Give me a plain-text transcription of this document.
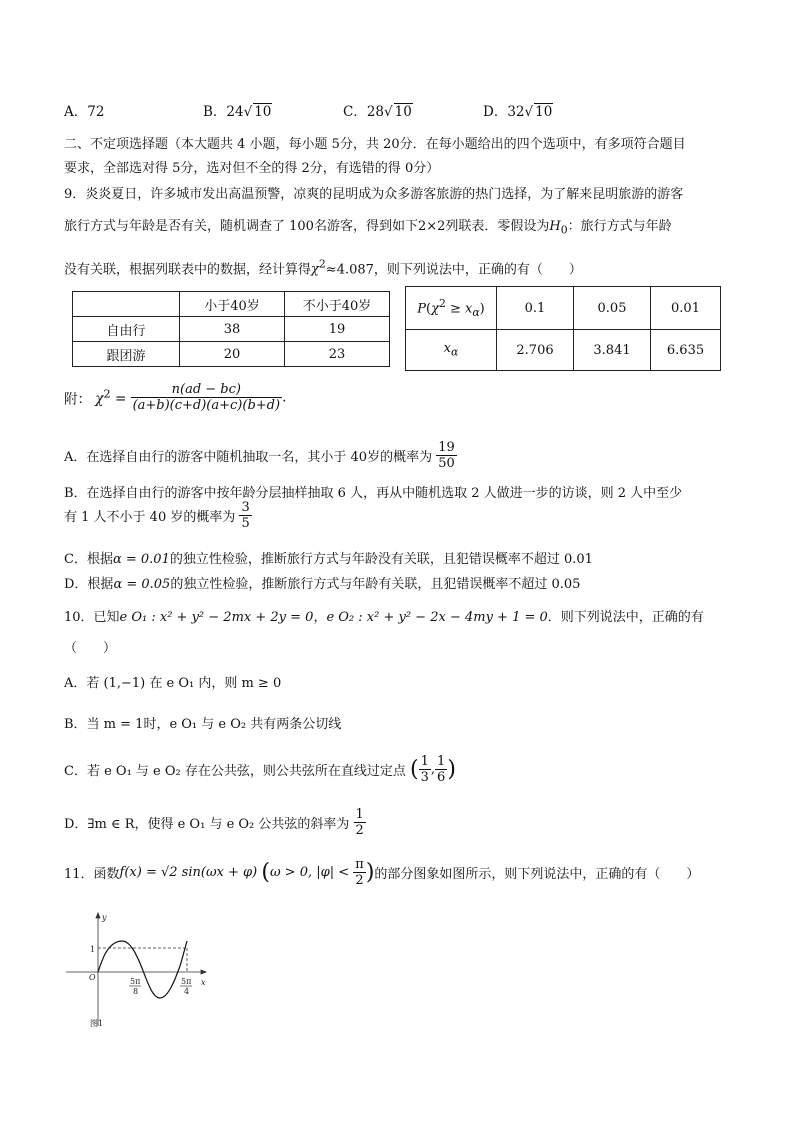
A．72	B．24√ 10	C．28√ 10	D．32√ 10
二、不定项选择题（本大题共 4 小题，每小题 5分，共 20分．在每小题给出的四个选项中，有多项符合题目
要求，全部选对得 5分，选对但不全的得 2分，有选错的得 0分）
9．炎炎夏日，许多城市发出高温预警，凉爽的昆明成为众多游客旅游的热门选择，为了解来昆明旅游的游客
旅行方式与年龄是否有关，随机调查了 100名游客，得到如下2×2列联表．零假设为$H_0$：旅行方式与年龄
没有关联，根据列联表中的数据，经计算得$\chi^2\approx 4.087$，则下列说法中，正确的有（　　）
	小于40岁	不小于40岁
自由行	38	19
跟团游	20	23
$P(\chi^2 \ge x_\alpha)$	0.1	0.05	0.01
$x_\alpha$	2.706	3.841	6.635
附： $\chi^2 = \frac{n(ad - bc)}{(a+b)(c+d)(a+c)(b+d)}$ .
A．在选择自由行的游客中随机抽取一名，其小于 40岁的概率为 $\frac{19}{50}$
B．在选择自由行的游客中按年龄分层抽样抽取 6 人，再从中随机选取 2 人做进一步的访谈，则 2 人中至少
有 1 人不小于 40 岁的概率为 $\frac{3}{5}$
C．根据α = 0.01的独立性检验，推断旅行方式与年龄没有关联，且犯错误概率不超过 0.01
D．根据α = 0.05的独立性检验，推断旅行方式与年龄有关联，且犯错误概率不超过 0.05
10．已知e O₁ : x² + y² − 2mx + 2y = 0，e O₂ : x² + y² − 2x − 4my + 1 = 0．则下列说法中，正确的有
（　　）
A．若 (1,−1) 在 e O₁ 内，则 m ≥ 0
B．当 m = 1时，e O₁ 与 e O₂ 共有两条公切线
C．若 e O₁ 与 e O₂ 存在公共弦，则公共弦所在直线过定点 ( $\frac{1}{3}$ , $\frac{1}{6}$ )
D．∃m ∈ R，使得 e O₁ 与 e O₂ 公共弦的斜率为 $\frac{1}{2}$
11．函数f(x) = √2 sin(ωx + φ) (ω > 0, $|\varphi| < \frac{\pi}{2}$ )的部分图象如图所示，则下列说法中，正确的有（　　）
y
x
O
1
5π
8
5π
4
图1
